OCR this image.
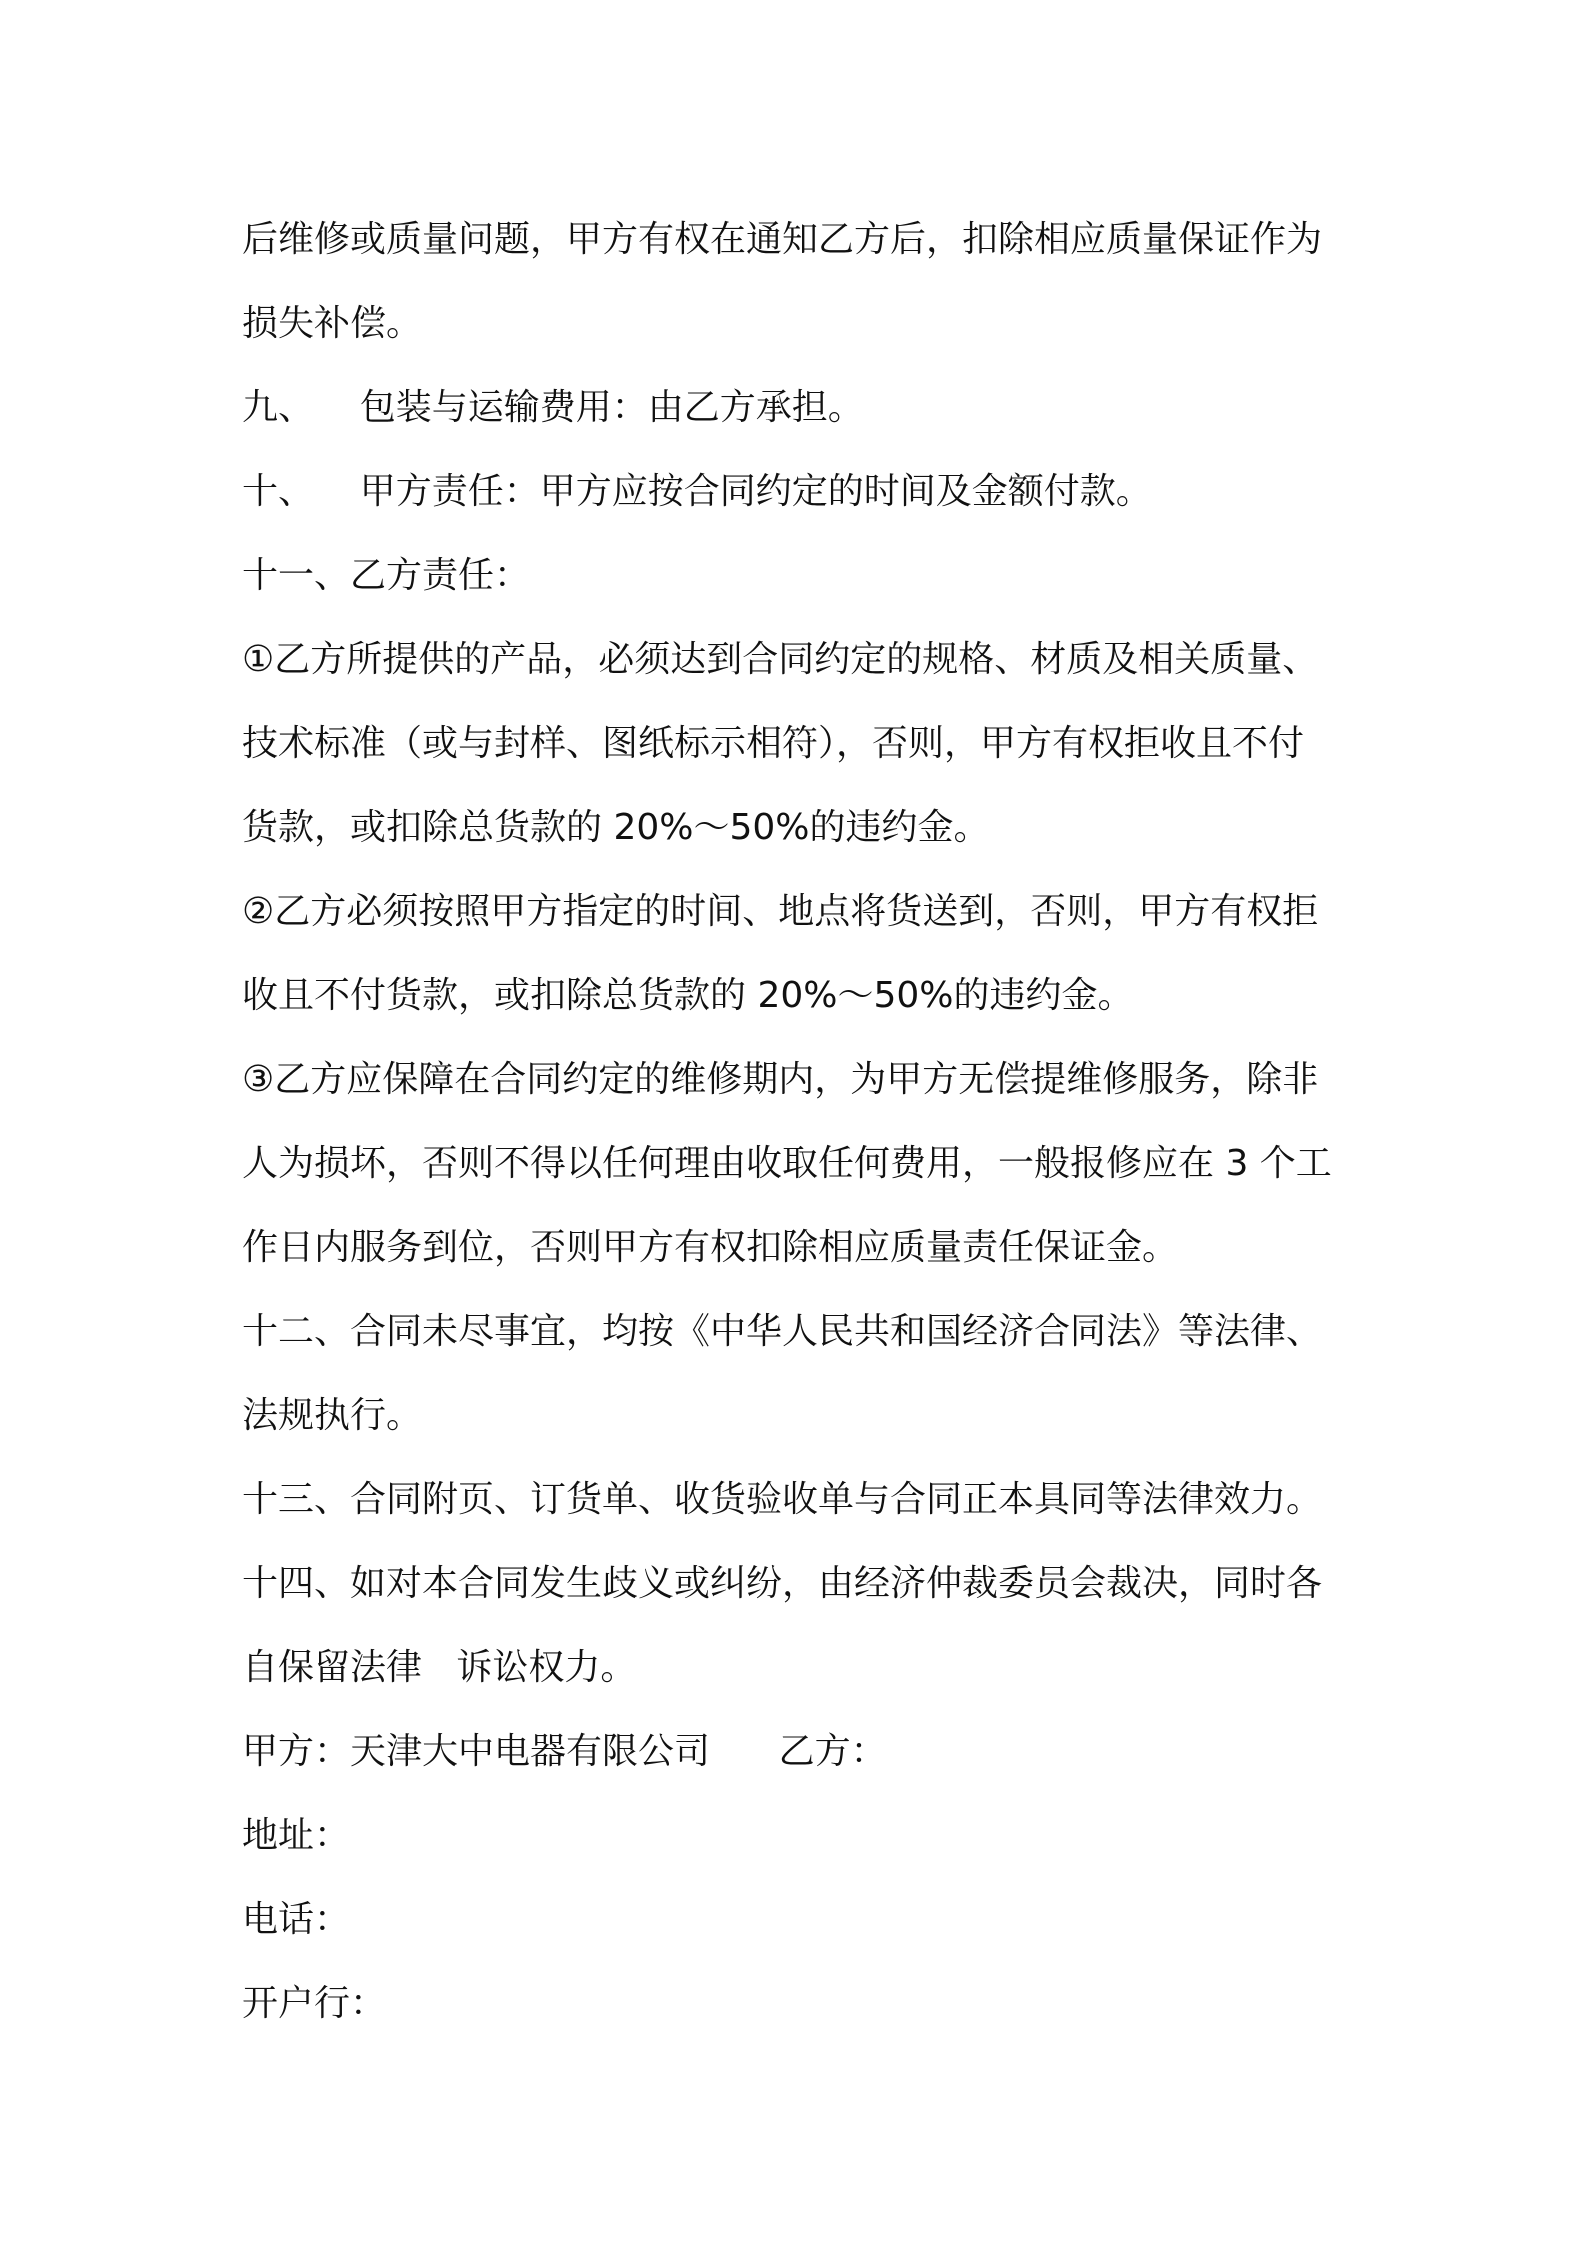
后维修或质量问题，甲方有权在通知乙方后，扣除相应质量保证作为
损失补偿。
九、    包装与运输费用：由乙方承担。
十、    甲方责任：甲方应按合同约定的时间及金额付款。
十一、乙方责任：
①乙方所提供的产品，必须达到合同约定的规格、材质及相关质量、
技术标准（或与封样、图纸标示相符），否则，甲方有权拒收且不付
货款，或扣除总货款的 20%～50%的违约金。
②乙方必须按照甲方指定的时间、地点将货送到，否则，甲方有权拒
收且不付货款，或扣除总货款的 20%～50%的违约金。
③乙方应保障在合同约定的维修期内，为甲方无偿提维修服务，除非
人为损坏，否则不得以任何理由收取任何费用，一般报修应在 3 个工
作日内服务到位，否则甲方有权扣除相应质量责任保证金。
十二、合同未尽事宜，均按《中华人民共和国经济合同法》等法律、
法规执行。
十三、合同附页、订货单、收货验收单与合同正本具同等法律效力。
十四、如对本合同发生歧义或纠纷，由经济仲裁委员会裁决，同时各
自保留法律   诉讼权力。
甲方：天津大中电器有限公司      乙方：
地址：
电话：
开户行：
